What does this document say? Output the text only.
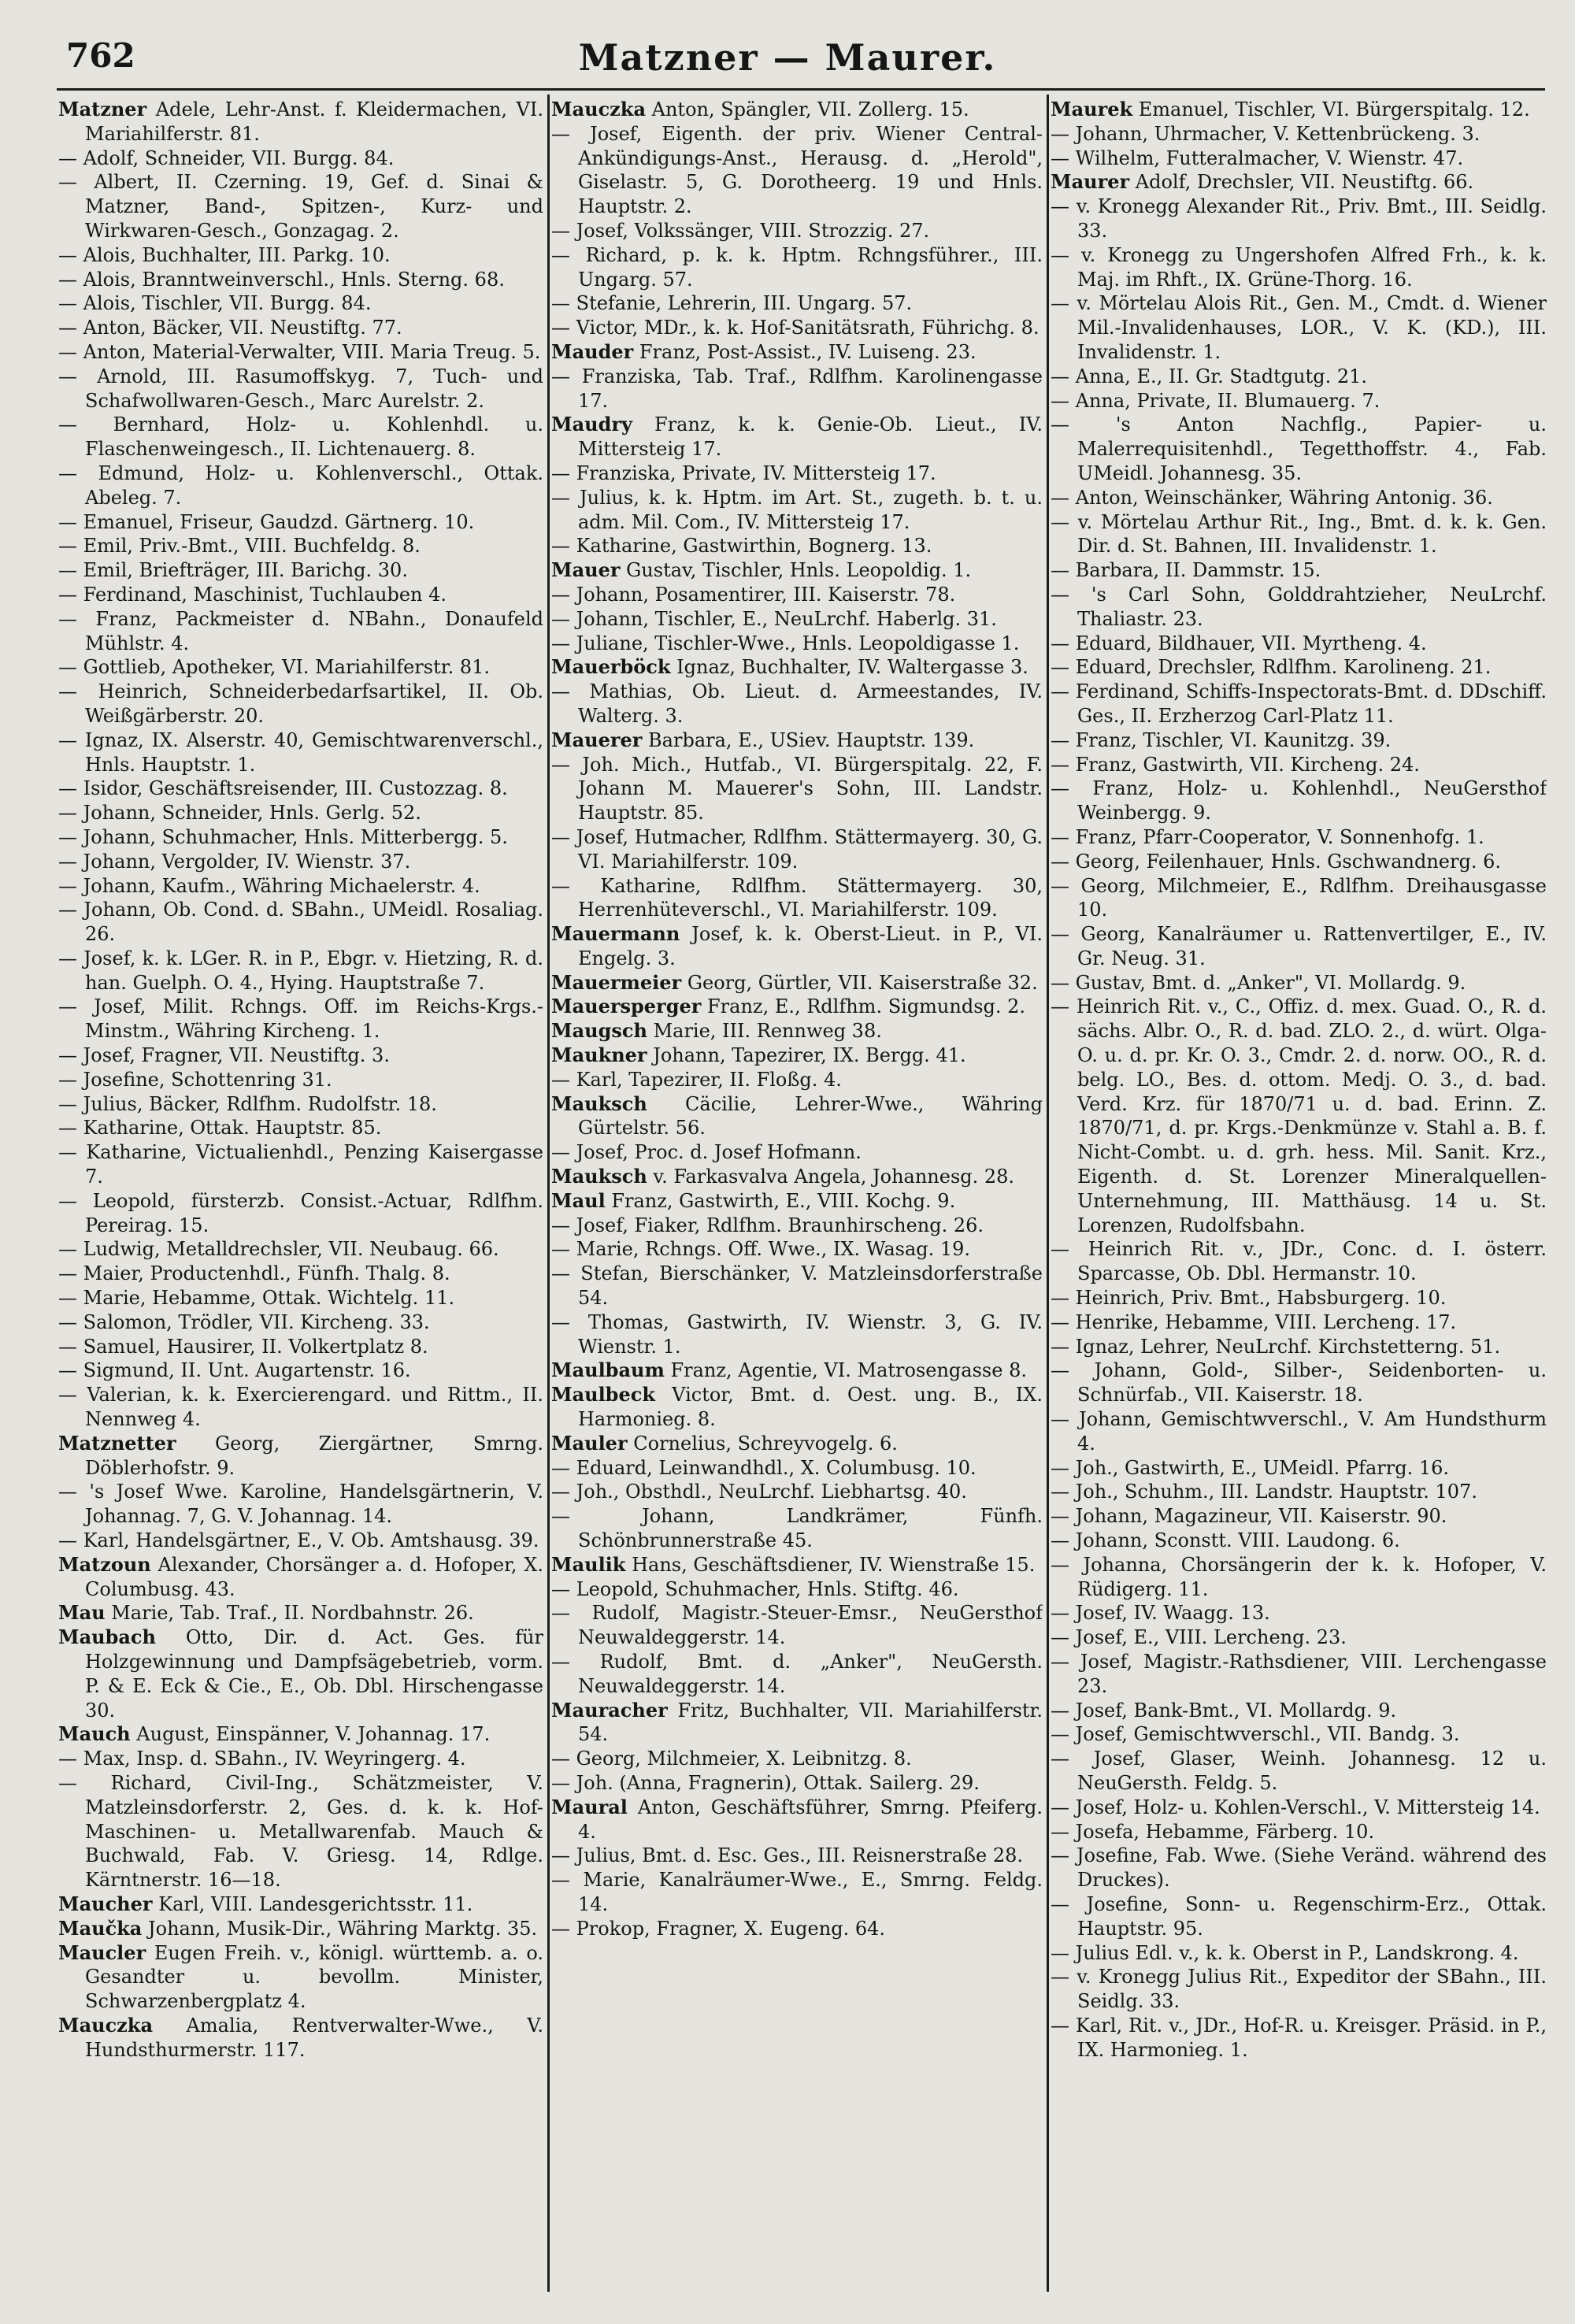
762	Matzner — Maurer.

Matzner Adele, Lehr-Anst. f. Kleidermachen, VI. Mariahilferstr. 81.

— Adolf, Schneider, VII. Burgg. 84.

— Albert, II. Czerning. 19, Gef. d. Sinai & Matzner, Band-, Spitzen-, Kurz- und Wirkwaren-Gesch., Gonzagag. 2.

— Alois, Buchhalter, III. Parkg. 10.

— Alois, Branntweinverschl., Hnls. Sterng. 68.

— Alois, Tischler, VII. Burgg. 84.

— Anton, Bäcker, VII. Neustiftg. 77.

— Anton, Material-Verwalter, VIII. Maria Treug. 5.

— Arnold, III. Rasumoffskyg. 7, Tuch- und Schafwollwaren-Gesch., Marc Aurelstr. 2.

— Bernhard, Holz- u. Kohlenhdl. u. Flaschenweingesch., II. Lichtenauerg. 8.

— Edmund, Holz- u. Kohlenverschl., Ottak. Abeleg. 7.

— Emanuel, Friseur, Gaudzd. Gärtnerg. 10.

— Emil, Priv.-Bmt., VIII. Buchfeldg. 8.

— Emil, Briefträger, III. Barichg. 30.

— Ferdinand, Maschinist, Tuchlauben 4.

— Franz, Packmeister d. NBahn., Donaufeld Mühlstr. 4.

— Gottlieb, Apotheker, VI. Mariahilferstr. 81.

— Heinrich, Schneiderbedarfsartikel, II. Ob. Weißgärberstr. 20.

— Ignaz, IX. Alserstr. 40, Gemischtwarenverschl., Hnls. Hauptstr. 1.

— Isidor, Geschäftsreisender, III. Custozzag. 8.

— Johann, Schneider, Hnls. Gerlg. 52.

— Johann, Schuhmacher, Hnls. Mitterbergg. 5.

— Johann, Vergolder, IV. Wienstr. 37.

— Johann, Kaufm., Währing Michaelerstr. 4.

— Johann, Ob. Cond. d. SBahn., UMeidl. Rosaliag. 26.

— Josef, k. k. LGer. R. in P., Ebgr. v. Hietzing, R. d. han. Guelph. O. 4., Hying. Hauptstraße 7.

— Josef, Milit. Rchngs. Off. im Reichs-Krgs.-Minstm., Währing Kircheng. 1.

— Josef, Fragner, VII. Neustiftg. 3.

— Josefine, Schottenring 31.

— Julius, Bäcker, Rdlfhm. Rudolfstr. 18.

— Katharine, Ottak. Hauptstr. 85.

— Katharine, Victualienhdl., Penzing Kaisergasse 7.

— Leopold, fürsterzb. Consist.-Actuar, Rdlfhm. Pereirag. 15.

— Ludwig, Metalldrechsler, VII. Neubaug. 66.

— Maier, Productenhdl., Fünfh. Thalg. 8.

— Marie, Hebamme, Ottak. Wichtelg. 11.

— Salomon, Trödler, VII. Kircheng. 33.

— Samuel, Hausirer, II. Volkertplatz 8.

— Sigmund, II. Unt. Augartenstr. 16.

— Valerian, k. k. Exercierengard. und Rittm., II. Nennweg 4.

Matznetter Georg, Ziergärtner, Smrng. Döblerhofstr. 9.

— 's Josef Wwe. Karoline, Handelsgärtnerin, V. Johannag. 7, G. V. Johannag. 14.

— Karl, Handelsgärtner, E., V. Ob. Amtshausg. 39.

Matzoun Alexander, Chorsänger a. d. Hofoper, X. Columbusg. 43.

Mau Marie, Tab. Traf., II. Nordbahnstr. 26.

Maubach Otto, Dir. d. Act. Ges. für Holzgewinnung und Dampfsägebetrieb, vorm. P. & E. Eck & Cie., E., Ob. Dbl. Hirschengasse 30.

Mauch August, Einspänner, V. Johannag. 17.

— Max, Insp. d. SBahn., IV. Weyringerg. 4.

— Richard, Civil-Ing., Schätzmeister, V. Matzleinsdorferstr. 2, Ges. d. k. k. Hof-Maschinen- u. Metallwarenfab. Mauch & Buchwald, Fab. V. Griesg. 14, Rdlge. Kärntnerstr. 16—18.

Maucher Karl, VIII. Landesgerichtsstr. 11.

Maučka Johann, Musik-Dir., Währing Marktg. 35.

Maucler Eugen Freih. v., königl. württemb. a. o. Gesandter u. bevollm. Minister, Schwarzenbergplatz 4.

Mauczka Amalia, Rentverwalter-Wwe., V. Hundsthurmerstr. 117.

Mauczka Anton, Spängler, VII. Zollerg. 15.

— Josef, Eigenth. der priv. Wiener Central-Ankündigungs-Anst., Herausg. d. „Herold", Giselastr. 5, G. Dorotheerg. 19 und Hnls. Hauptstr. 2.

— Josef, Volkssänger, VIII. Strozzig. 27.

— Richard, p. k. k. Hptm. Rchngsführer., III. Ungarg. 57.

— Stefanie, Lehrerin, III. Ungarg. 57.

— Victor, MDr., k. k. Hof-Sanitätsrath, Führichg. 8.

Mauder Franz, Post-Assist., IV. Luiseng. 23.

— Franziska, Tab. Traf., Rdlfhm. Karolinengasse 17.

Maudry Franz, k. k. Genie-Ob. Lieut., IV. Mittersteig 17.

— Franziska, Private, IV. Mittersteig 17.

— Julius, k. k. Hptm. im Art. St., zugeth. b. t. u. adm. Mil. Com., IV. Mittersteig 17.

— Katharine, Gastwirthin, Bognerg. 13.

Mauer Gustav, Tischler, Hnls. Leopoldig. 1.

— Johann, Posamentirer, III. Kaiserstr. 78.

— Johann, Tischler, E., NeuLrchf. Haberlg. 31.

— Juliane, Tischler-Wwe., Hnls. Leopoldigasse 1.

Mauerböck Ignaz, Buchhalter, IV. Waltergasse 3.

— Mathias, Ob. Lieut. d. Armeestandes, IV. Walterg. 3.

Mauerer Barbara, E., USiev. Hauptstr. 139.

— Joh. Mich., Hutfab., VI. Bürgerspitalg. 22, F. Johann M. Mauerer's Sohn, III. Landstr. Hauptstr. 85.

— Josef, Hutmacher, Rdlfhm. Stättermayerg. 30, G. VI. Mariahilferstr. 109.

— Katharine, Rdlfhm. Stättermayerg. 30, Herrenhüteverschl., VI. Mariahilferstr. 109.

Mauermann Josef, k. k. Oberst-Lieut. in P., VI. Engelg. 3.

Mauermeier Georg, Gürtler, VII. Kaiserstraße 32.

Mauersperger Franz, E., Rdlfhm. Sigmundsg. 2.

Maugsch Marie, III. Rennweg 38.

Maukner Johann, Tapezirer, IX. Bergg. 41.

— Karl, Tapezirer, II. Floßg. 4.

Mauksch Cäcilie, Lehrer-Wwe., Währing Gürtelstr. 56.

— Josef, Proc. d. Josef Hofmann.

Mauksch v. Farkasvalva Angela, Johannesg. 28.

Maul Franz, Gastwirth, E., VIII. Kochg. 9.

— Josef, Fiaker, Rdlfhm. Braunhirscheng. 26.

— Marie, Rchngs. Off. Wwe., IX. Wasag. 19.

— Stefan, Bierschänker, V. Matzleinsdorferstraße 54.

— Thomas, Gastwirth, IV. Wienstr. 3, G. IV. Wienstr. 1.

Maulbaum Franz, Agentie, VI. Matrosengasse 8.

Maulbeck Victor, Bmt. d. Oest. ung. B., IX. Harmonieg. 8.

Mauler Cornelius, Schreyvogelg. 6.

— Eduard, Leinwandhdl., X. Columbusg. 10.

— Joh., Obsthdl., NeuLrchf. Liebhartsg. 40.

— Johann, Landkrämer, Fünfh. Schönbrunnerstraße 45.

Maulik Hans, Geschäftsdiener, IV. Wienstraße 15.

— Leopold, Schuhmacher, Hnls. Stiftg. 46.

— Rudolf, Magistr.-Steuer-Emsr., NeuGersthof Neuwaldeggerstr. 14.

— Rudolf, Bmt. d. „Anker", NeuGersth. Neuwaldeggerstr. 14.

Mauracher Fritz, Buchhalter, VII. Mariahilferstr. 54.

— Georg, Milchmeier, X. Leibnitzg. 8.

— Joh. (Anna, Fragnerin), Ottak. Sailerg. 29.

Maural Anton, Geschäftsführer, Smrng. Pfeiferg. 4.

— Julius, Bmt. d. Esc. Ges., III. Reisnerstraße 28.

— Marie, Kanalräumer-Wwe., E., Smrng. Feldg. 14.

— Prokop, Fragner, X. Eugeng. 64.

Maurek Emanuel, Tischler, VI. Bürgerspitalg. 12.

— Johann, Uhrmacher, V. Kettenbrückeng. 3.

— Wilhelm, Futteralmacher, V. Wienstr. 47.

Maurer Adolf, Drechsler, VII. Neustiftg. 66.

— v. Kronegg Alexander Rit., Priv. Bmt., III. Seidlg. 33.

— v. Kronegg zu Ungershofen Alfred Frh., k. k. Maj. im Rhft., IX. Grüne-Thorg. 16.

— v. Mörtelau Alois Rit., Gen. M., Cmdt. d. Wiener Mil.-Invalidenhauses, LOR., V. K. (KD.), III. Invalidenstr. 1.

— Anna, E., II. Gr. Stadtgutg. 21.

— Anna, Private, II. Blumauerg. 7.

— 's Anton Nachflg., Papier- u. Malerrequisitenhdl., Tegetthoffstr. 4., Fab. UMeidl. Johannesg. 35.

— Anton, Weinschänker, Währing Antonig. 36.

— v. Mörtelau Arthur Rit., Ing., Bmt. d. k. k. Gen. Dir. d. St. Bahnen, III. Invalidenstr. 1.

— Barbara, II. Dammstr. 15.

— 's Carl Sohn, Golddrahtzieher, NeuLrchf. Thaliastr. 23.

— Eduard, Bildhauer, VII. Myrtheng. 4.

— Eduard, Drechsler, Rdlfhm. Karolineng. 21.

— Ferdinand, Schiffs-Inspectorats-Bmt. d. DDschiff. Ges., II. Erzherzog Carl-Platz 11.

— Franz, Tischler, VI. Kaunitzg. 39.

— Franz, Gastwirth, VII. Kircheng. 24.

— Franz, Holz- u. Kohlenhdl., NeuGersthof Weinbergg. 9.

— Franz, Pfarr-Cooperator, V. Sonnenhofg. 1.

— Georg, Feilenhauer, Hnls. Gschwandnerg. 6.

— Georg, Milchmeier, E., Rdlfhm. Dreihausgasse 10.

— Georg, Kanalräumer u. Rattenvertilger, E., IV. Gr. Neug. 31.

— Gustav, Bmt. d. „Anker", VI. Mollardg. 9.

— Heinrich Rit. v., C., Offiz. d. mex. Guad. O., R. d. sächs. Albr. O., R. d. bad. ZLO. 2., d. würt. Olga-O. u. d. pr. Kr. O. 3., Cmdr. 2. d. norw. OO., R. d. belg. LO., Bes. d. ottom. Medj. O. 3., d. bad. Verd. Krz. für 1870/71 u. d. bad. Erinn. Z. 1870/71, d. pr. Krgs.-Denkmünze v. Stahl a. B. f. Nicht-Combt. u. d. grh. hess. Mil. Sanit. Krz., Eigenth. d. St. Lorenzer Mineralquellen-Unternehmung, III. Matthäusg. 14 u. St. Lorenzen, Rudolfsbahn.

— Heinrich Rit. v., JDr., Conc. d. I. österr. Sparcasse, Ob. Dbl. Hermanstr. 10.

— Heinrich, Priv. Bmt., Habsburgerg. 10.

— Henrike, Hebamme, VIII. Lercheng. 17.

— Ignaz, Lehrer, NeuLrchf. Kirchstetterng. 51.

— Johann, Gold-, Silber-, Seidenborten- u. Schnürfab., VII. Kaiserstr. 18.

— Johann, Gemischtwverschl., V. Am Hundsthurm 4.

— Joh., Gastwirth, E., UMeidl. Pfarrg. 16.

— Joh., Schuhm., III. Landstr. Hauptstr. 107.

— Johann, Magazineur, VII. Kaiserstr. 90.

— Johann, Sconstt. VIII. Laudong. 6.

— Johanna, Chorsängerin der k. k. Hofoper, V. Rüdigerg. 11.

— Josef, IV. Waagg. 13.

— Josef, E., VIII. Lercheng. 23.

— Josef, Magistr.-Rathsdiener, VIII. Lerchengasse 23.

— Josef, Bank-Bmt., VI. Mollardg. 9.

— Josef, Gemischtwverschl., VII. Bandg. 3.

— Josef, Glaser, Weinh. Johannesg. 12 u. NeuGersth. Feldg. 5.

— Josef, Holz- u. Kohlen-Verschl., V. Mittersteig 14.

— Josefa, Hebamme, Färberg. 10.

— Josefine, Fab. Wwe. (Siehe Veränd. während des Druckes).

— Josefine, Sonn- u. Regenschirm-Erz., Ottak. Hauptstr. 95.

— Julius Edl. v., k. k. Oberst in P., Landskrong. 4.

— v. Kronegg Julius Rit., Expeditor der SBahn., III. Seidlg. 33.

— Karl, Rit. v., JDr., Hof-R. u. Kreisger. Präsid. in P., IX. Harmonieg. 1.
